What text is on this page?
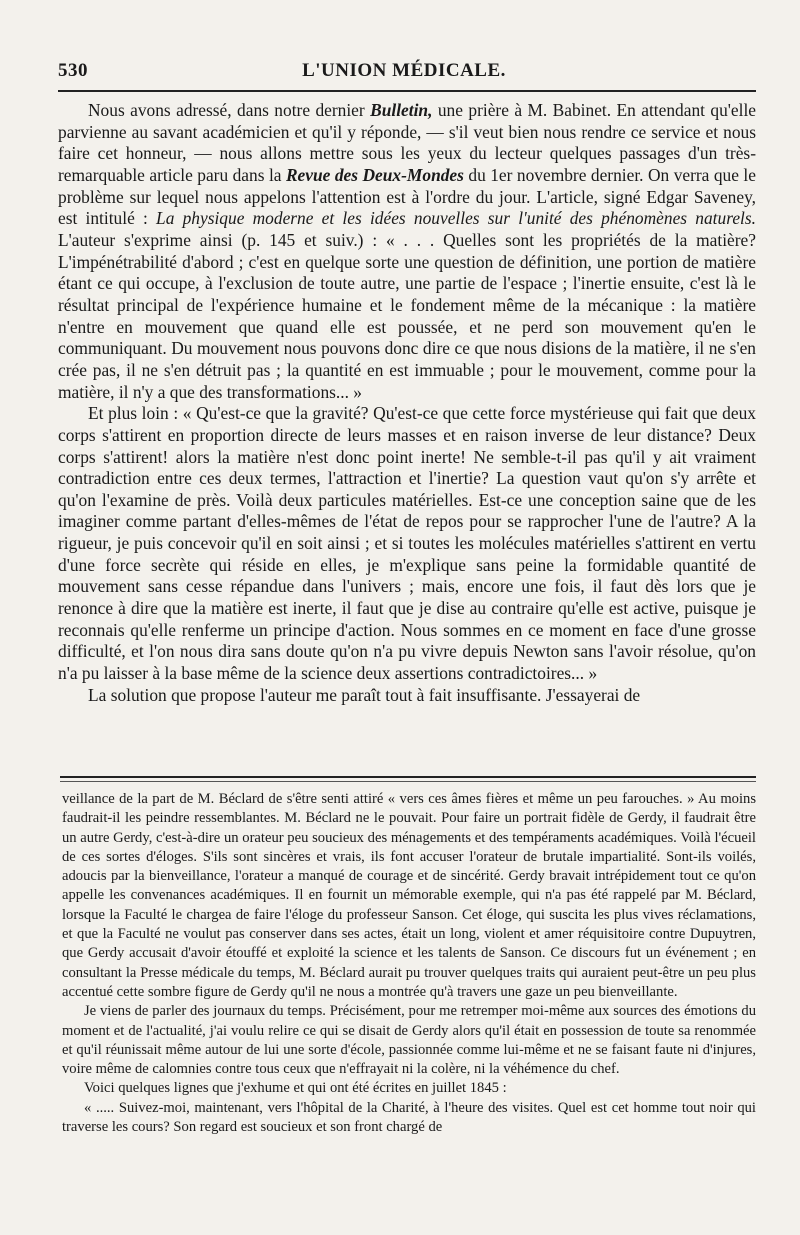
530	L'UNION MÉDICALE.

Nous avons adressé, dans notre dernier Bulletin, une prière à M. Babinet. En attendant qu'elle parvienne au savant académicien et qu'il y réponde, — s'il veut bien nous rendre ce service et nous faire cet honneur, — nous allons mettre sous les yeux du lecteur quelques passages d'un très-remarquable article paru dans la Revue des Deux-Mondes du 1er novembre dernier. On verra que le problème sur lequel nous appelons l'attention est à l'ordre du jour. L'article, signé Edgar Saveney, est intitulé : La physique moderne et les idées nouvelles sur l'unité des phénomènes naturels. L'auteur s'exprime ainsi (p. 145 et suiv.) : « . . . Quelles sont les propriétés de la matière? L'impénétrabilité d'abord ; c'est en quelque sorte une question de définition, une portion de matière étant ce qui occupe, à l'exclusion de toute autre, une partie de l'espace ; l'inertie ensuite, c'est là le résultat principal de l'expérience humaine et le fondement même de la mécanique : la matière n'entre en mouvement que quand elle est poussée, et ne perd son mouvement qu'en le communiquant. Du mouvement nous pouvons donc dire ce que nous disions de la matière, il ne s'en crée pas, il ne s'en détruit pas ; la quantité en est immuable ; pour le mouvement, comme pour la matière, il n'y a que des transformations... »

Et plus loin : « Qu'est-ce que la gravité? Qu'est-ce que cette force mystérieuse qui fait que deux corps s'attirent en proportion directe de leurs masses et en raison inverse de leur distance? Deux corps s'attirent! alors la matière n'est donc point inerte! Ne semble-t-il pas qu'il y ait vraiment contradiction entre ces deux termes, l'attraction et l'inertie? La question vaut qu'on s'y arrête et qu'on l'examine de près. Voilà deux particules matérielles. Est-ce une conception saine que de les imaginer comme partant d'elles-mêmes de l'état de repos pour se rapprocher l'une de l'autre? A la rigueur, je puis concevoir qu'il en soit ainsi ; et si toutes les molécules matérielles s'attirent en vertu d'une force secrète qui réside en elles, je m'explique sans peine la formidable quantité de mouvement sans cesse répandue dans l'univers ; mais, encore une fois, il faut dès lors que je renonce à dire que la matière est inerte, il faut que je dise au contraire qu'elle est active, puisque je reconnais qu'elle renferme un principe d'action. Nous sommes en ce moment en face d'une grosse difficulté, et l'on nous dira sans doute qu'on n'a pu vivre depuis Newton sans l'avoir résolue, qu'on n'a pu laisser à la base même de la science deux assertions contradictoires... »

La solution que propose l'auteur me paraît tout à fait insuffisante. J'essayerai de

veillance de la part de M. Béclard de s'être senti attiré « vers ces âmes fières et même un peu farouches. » Au moins faudrait-il les peindre ressemblantes. M. Béclard ne le pouvait. Pour faire un portrait fidèle de Gerdy, il faudrait être un autre Gerdy, c'est-à-dire un orateur peu soucieux des ménagements et des tempéraments académiques. Voilà l'écueil de ces sortes d'éloges. S'ils sont sincères et vrais, ils font accuser l'orateur de brutale impartialité. Sont-ils voilés, adoucis par la bienveillance, l'orateur a manqué de courage et de sincérité. Gerdy bravait intrépidement tout ce qu'on appelle les convenances académiques. Il en fournit un mémorable exemple, qui n'a pas été rappelé par M. Béclard, lorsque la Faculté le chargea de faire l'éloge du professeur Sanson. Cet éloge, qui suscita les plus vives réclamations, et que la Faculté ne voulut pas conserver dans ses actes, était un long, violent et amer réquisitoire contre Dupuytren, que Gerdy accusait d'avoir étouffé et exploité la science et les talents de Sanson. Ce discours fut un événement ; en consultant la Presse médicale du temps, M. Béclard aurait pu trouver quelques traits qui auraient peut-être un peu plus accentué cette sombre figure de Gerdy qu'il ne nous a montrée qu'à travers une gaze un peu bienveillante.

Je viens de parler des journaux du temps. Précisément, pour me retremper moi-même aux sources des émotions du moment et de l'actualité, j'ai voulu relire ce qui se disait de Gerdy alors qu'il était en possession de toute sa renommée et qu'il réunissait même autour de lui une sorte d'école, passionnée comme lui-même et ne se faisant faute ni d'injures, voire même de calomnies contre tous ceux que n'effrayait ni la colère, ni la véhémence du chef.

Voici quelques lignes que j'exhume et qui ont été écrites en juillet 1845 :

« ..... Suivez-moi, maintenant, vers l'hôpital de la Charité, à l'heure des visites. Quel est cet homme tout noir qui traverse les cours? Son regard est soucieux et son front chargé de
